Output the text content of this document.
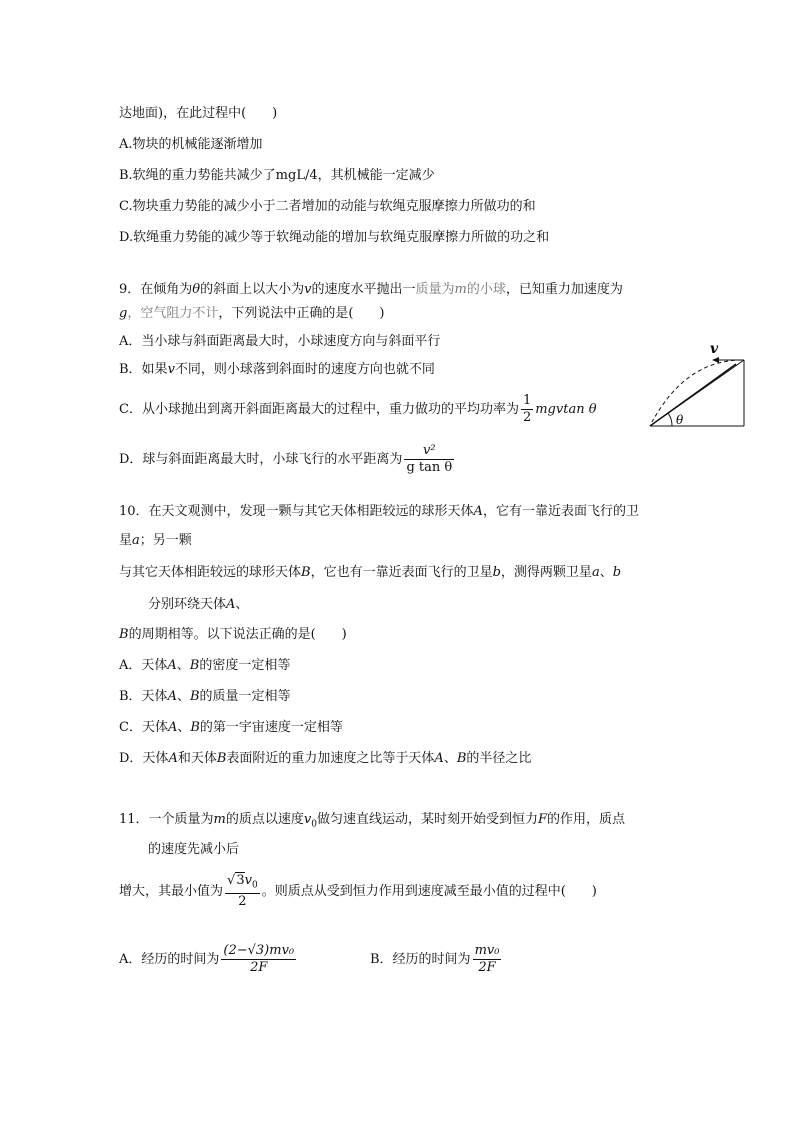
达地面)，在此过程中(　　)
A.物块的机械能逐渐增加
B.软绳的重力势能共减少了mgL/4，其机械能一定减少
C.物块重力势能的减少小于二者增加的动能与软绳克服摩擦力所做功的和
D.软绳重力势能的减少等于软绳动能的增加与软绳克服摩擦力所做的功之和
9．在倾角为θ的斜面上以大小为v的速度水平抛出一质量为m的小球，已知重力加速度为
g，空气阻力不计，下列说法中正确的是(　　)
A．当小球与斜面距离最大时，小球速度方向与斜面平行
B．如果v不同，则小球落到斜面时的速度方向也就不同
C．从小球抛出到离开斜面距离最大的过程中，重力做功的平均功率为 $\frac{1}{2}$ mgvtan θ
D．球与斜面距离最大时，小球飞行的水平距离为 $\frac{\text{v²}}{\text{g tan θ}}$
v
θ
10．在天文观测中，发现一颗与其它天体相距较远的球形天体A，它有一靠近表面飞行的卫
星a；另一颗
与其它天体相距较远的球形天体B，它也有一靠近表面飞行的卫星b，测得两颗卫星a、b
分别环绕天体A、
B的周期相等。以下说法正确的是(　　)
A．天体A、B的密度一定相等
B．天体A、B的质量一定相等
C．天体A、B的第一宇宙速度一定相等
D．天体A和天体B表面附近的重力加速度之比等于天体A、B的半径之比
11．一个质量为m的质点以速度$v_0$做匀速直线运动，某时刻开始受到恒力F的作用，质点
的速度先减小后
增大，其最小值为 $\frac{√3v_0}{2}$ 。则质点从受到恒力作用到速度减至最小值的过程中(　　)
A．经历的时间为 $\frac{\text{(2−√3)mv₀}}{2F}$	B．经历的时间为 $\frac{\text{mv₀}}{2F}$
